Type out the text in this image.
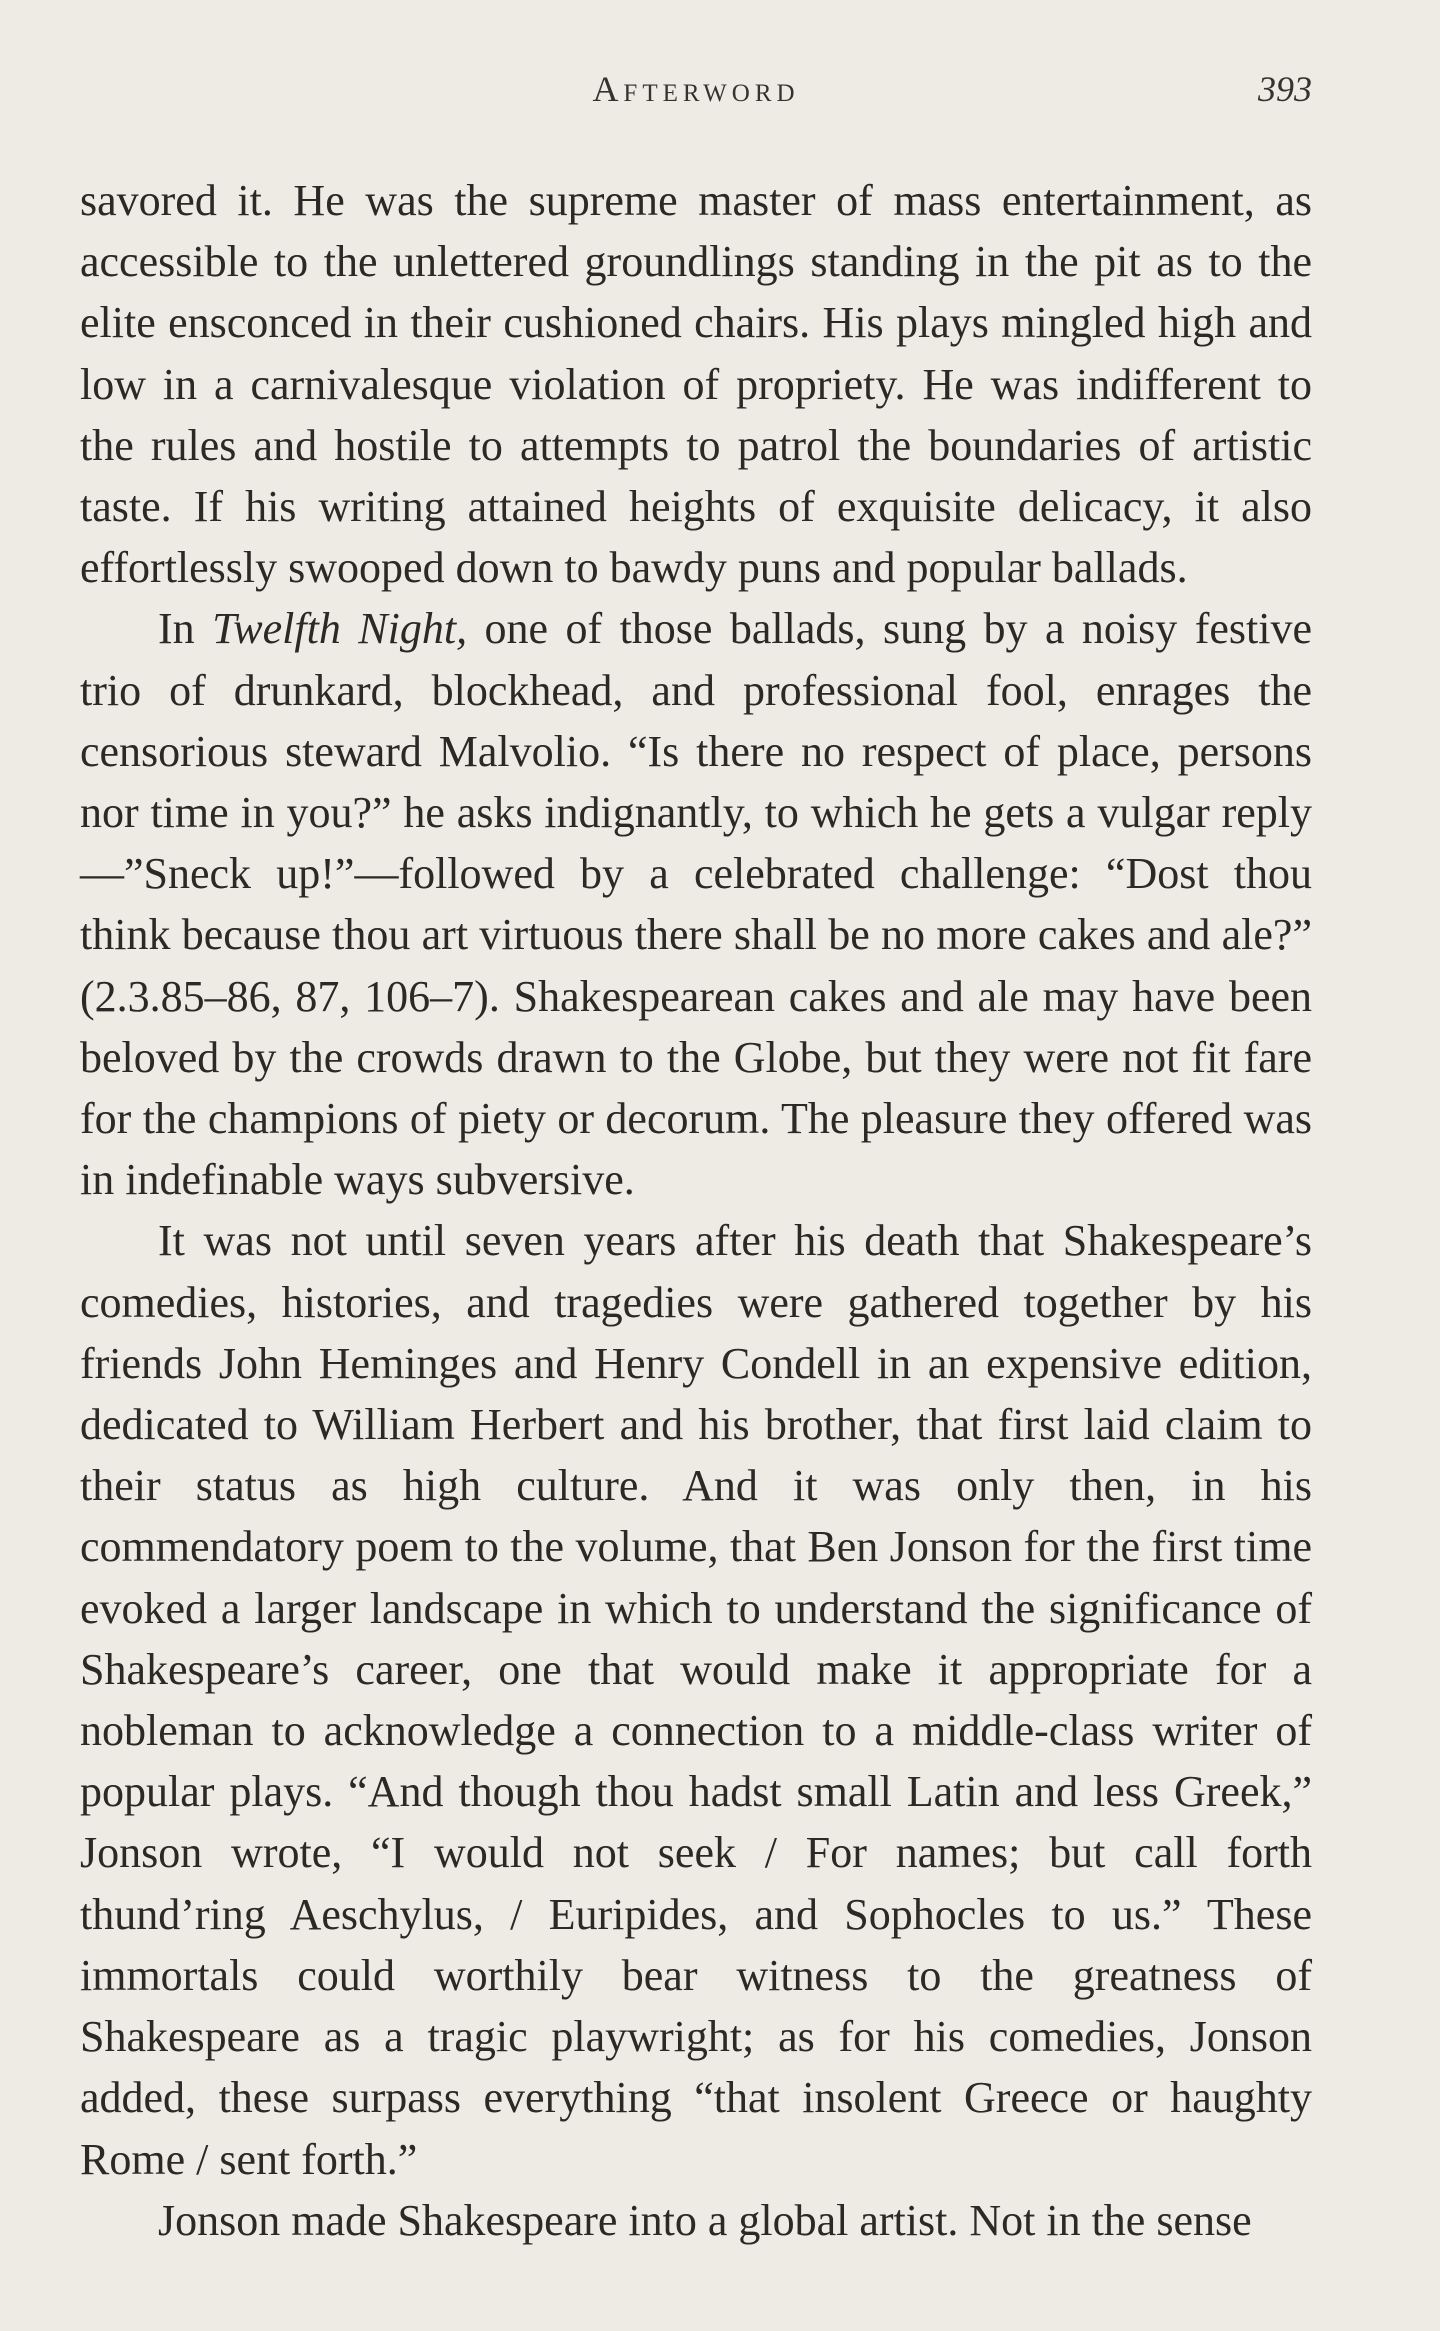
Afterword	393

savored it. He was the supreme master of mass entertainment, as accessible to the unlettered groundlings standing in the pit as to the elite ensconced in their cushioned chairs. His plays mingled high and low in a carnivalesque violation of propriety. He was indifferent to the rules and hostile to attempts to patrol the boundaries of artistic taste. If his writing attained heights of exquisite delicacy, it also effortlessly swooped down to bawdy puns and popular ballads.

In Twelfth Night, one of those ballads, sung by a noisy festive trio of drunkard, blockhead, and professional fool, enrages the censorious steward Malvolio. “Is there no respect of place, persons nor time in you?” he asks indignantly, to which he gets a vulgar reply—”Sneck up!”—followed by a celebrated challenge: “Dost thou think because thou art virtuous there shall be no more cakes and ale?” (2.3.85–86, 87, 106–7). Shakespearean cakes and ale may have been beloved by the crowds drawn to the Globe, but they were not fit fare for the champions of piety or decorum. The pleasure they offered was in indefinable ways subversive.

It was not until seven years after his death that Shakespeare’s comedies, histories, and tragedies were gathered together by his friends John Heminges and Henry Condell in an expensive edition, dedicated to William Herbert and his brother, that first laid claim to their status as high culture. And it was only then, in his commendatory poem to the volume, that Ben Jonson for the first time evoked a larger landscape in which to understand the significance of Shakespeare’s career, one that would make it appropriate for a nobleman to acknowledge a connection to a middle-class writer of popular plays. “And though thou hadst small Latin and less Greek,” Jonson wrote, “I would not seek / For names; but call forth thund’ring Aeschylus, / Euripides, and Sophocles to us.” These immortals could worthily bear witness to the greatness of Shakespeare as a tragic playwright; as for his comedies, Jonson added, these surpass everything “that insolent Greece or haughty Rome / sent forth.”

Jonson made Shakespeare into a global artist. Not in the sense
